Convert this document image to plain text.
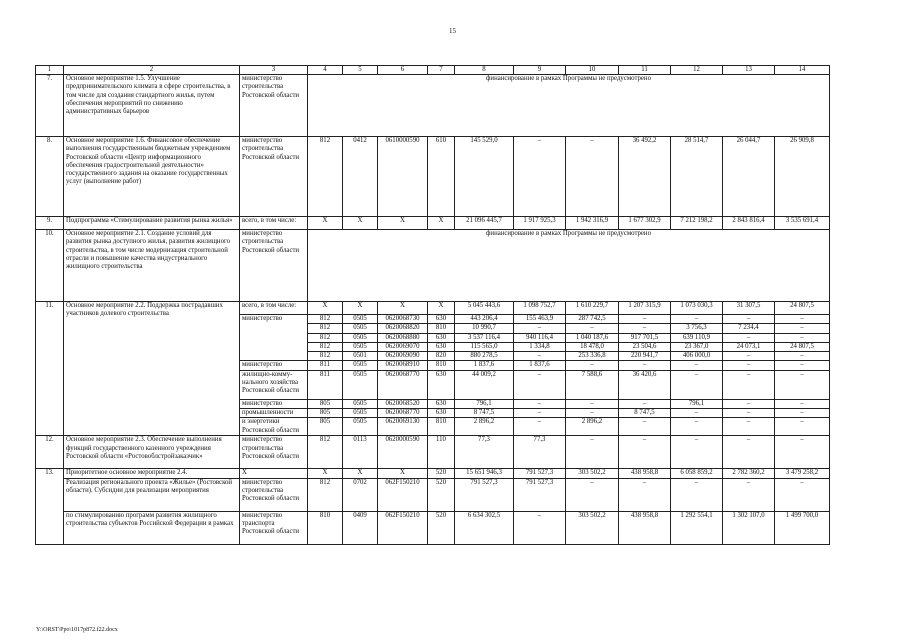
15
1	2	3	4	5	6	7	8	9	10	11	12	13	14
7.	Основное мероприятие 1.5. Улучшение предпринимательского климата в сфере строительства, в том числе для создания стандартного жилья, путем обеспечения мероприятий по снижению административных барьеров	министерство строительства Ростовской области	финансирование в рамках Программы не предусмотрено										
8.	Основное мероприятие 1.6. Финансовое обеспечение выполнения государственным бюджетным учреждением Ростовской области «Центр информационного обеспечения градостроительной деятельности» государственного задания на оказание государственных услуг (выполнение работ)	министерство строительства Ростовской области	812	0412	0610000590	610	145 529,0	–	–	36 492,2	28 514,7	26 044,7	26 909,8
9.	Подпрограмма «Стимулирование развития рынка жилья»	всего, в том числе:	X	X	X	X	21 096 445,7	1 917 925,3	1 942 316,9	1 677 302,9	7 212 198,2	2 843 816,4	3 535 691,4
10.	Основное мероприятие 2.1. Создание условий для развития рынка доступного жилья, развития жилищного строительства, в том числе модернизация строительной отрасли и повышение качества индустриального жилищного строительства	министерство строительства Ростовской области	финансирование в рамках Программы не предусмотрено										
11.	Основное мероприятие 2.2. Поддержка пострадавших участников долевого строительства	всего, в том числе:	X	X	X	X	5 045 443,6	1 098 752,7	1 610 229,7	1 207 315,9	1 073 030,3	31 307,5	24 807,5
		министерство	812	0505	0620068730	630	443 206,4	155 463,9	287 742,5	–	–	–	–
			812	0505	0620068820	810	10 990,7	–	–	–	3 756,3	7 234,4	–
			812	0505	0620068880	630	3 537 116,4	940 116,4	1 040 187,6	917 701,5	639 110,9	–	–
			812	0505	0620069070	630	115 565,0	1 334,8	18 478,0	23 504,6	23 367,0	24 073,1	24 807,5
			812	0501	0620069090	820	880 278,5	–	253 336,8	220 941,7	406 000,0	–	–
		министерство	811	0505	0620068910	810	1 837,6	1 837,6	–	–	–	–	–
		жилищно-комму-нального хозяйства Ростовской области	811	0505	0620068770	630	44 009,2	–	7 588,6	36 420,6	–	–	–
		министерство	805	0505	0620068520	630	796,1	–	–	–	796,1	–	–
		промышленности	805	0505	0620068770	630	8 747,5	–	–	8 747,5	–	–	–
		и энергетики Ростовской области	805	0505	0620069130	810	2 896,2	–	2 896,2	–	–	–	–
12.	Основное мероприятие 2.3. Обеспечение выполнения функций государственного казенного учреждения Ростовской области «Ростовоблстройзаказчик»	министерство строительства Ростовской области	812	0113	0620000590	110	77,3	77,3	–	–	–	–	–
13.	Приоритетное основное мероприятие 2.4.	X	X	X	X	520	15 651 946,3	791 527,3	303 502,2	438 958,8	6 058 859,2	2 782 360,2	3 479 258,2
	Реализация регионального проекта «Жилье» (Ростовской области). Субсидии для реализации мероприятия	министерство строительства Ростовской области	812	0702	062F150210	520	791 527,3	791 527,3	–	–	–	–	–
	по стимулированию программ развития жилищного строительства субъектов Российской Федерации в рамках	министерство транспорта Ростовской области	810	0409	062F150210	520	6 634 302,5	–	303 502,2	438 958,8	1 292 554,1	1 302 107,0	1 499 700,0
Y:\ORST\Ppo\1017p872.f22.docx
